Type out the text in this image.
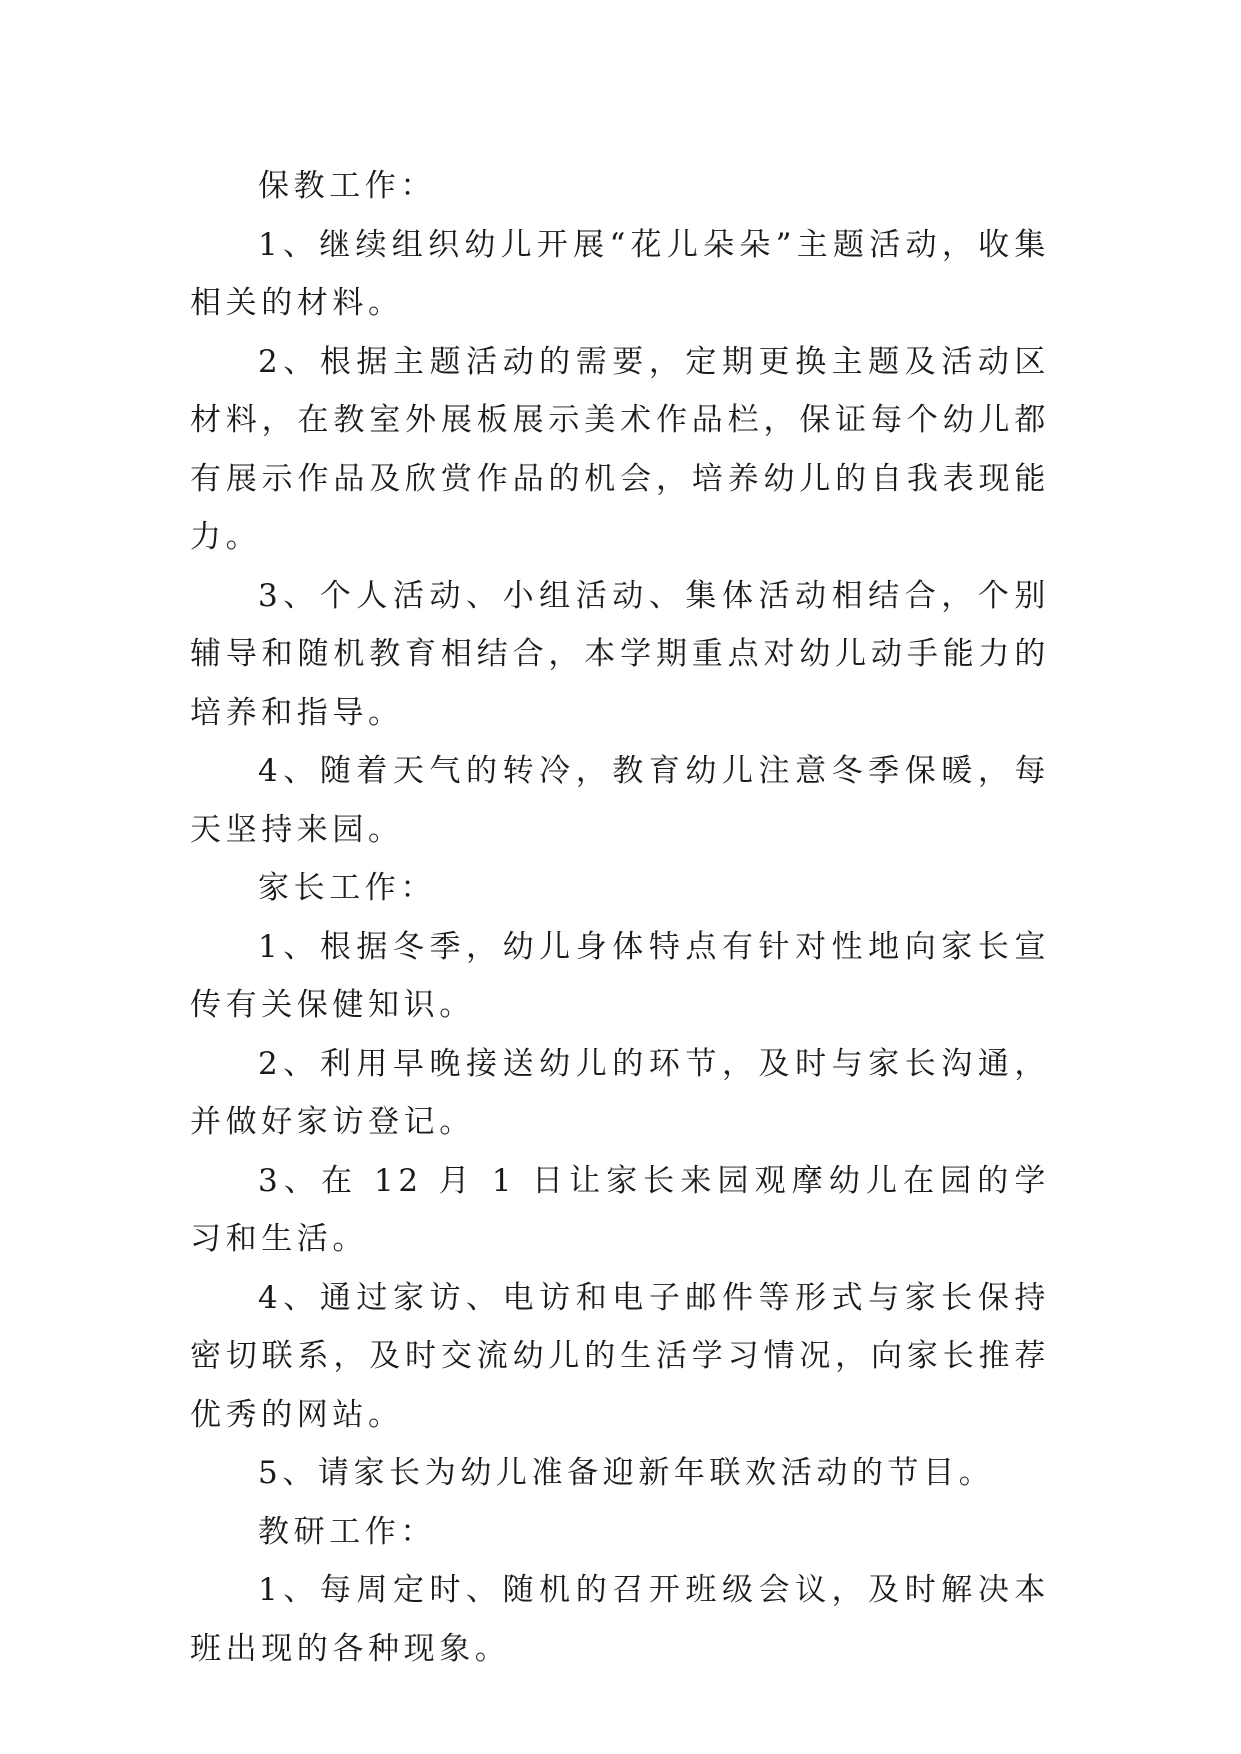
保教工作：

1、继续组织幼儿开展“花儿朵朵”主题活动，收集相关的材料。

2、根据主题活动的需要，定期更换主题及活动区材料，在教室外展板展示美术作品栏，保证每个幼儿都有展示作品及欣赏作品的机会，培养幼儿的自我表现能力。

3、个人活动、小组活动、集体活动相结合，个别辅导和随机教育相结合，本学期重点对幼儿动手能力的培养和指导。

4、随着天气的转冷，教育幼儿注意冬季保暖，每天坚持来园。

家长工作：

1、根据冬季，幼儿身体特点有针对性地向家长宣传有关保健知识。

2、利用早晚接送幼儿的环节，及时与家长沟通，并做好家访登记。

3、在 12 月 1 日让家长来园观摩幼儿在园的学习和生活。

4、通过家访、电访和电子邮件等形式与家长保持密切联系，及时交流幼儿的生活学习情况，向家长推荐优秀的网站。

5、请家长为幼儿准备迎新年联欢活动的节目。

教研工作：

1、每周定时、随机的召开班级会议，及时解决本班出现的各种现象。
